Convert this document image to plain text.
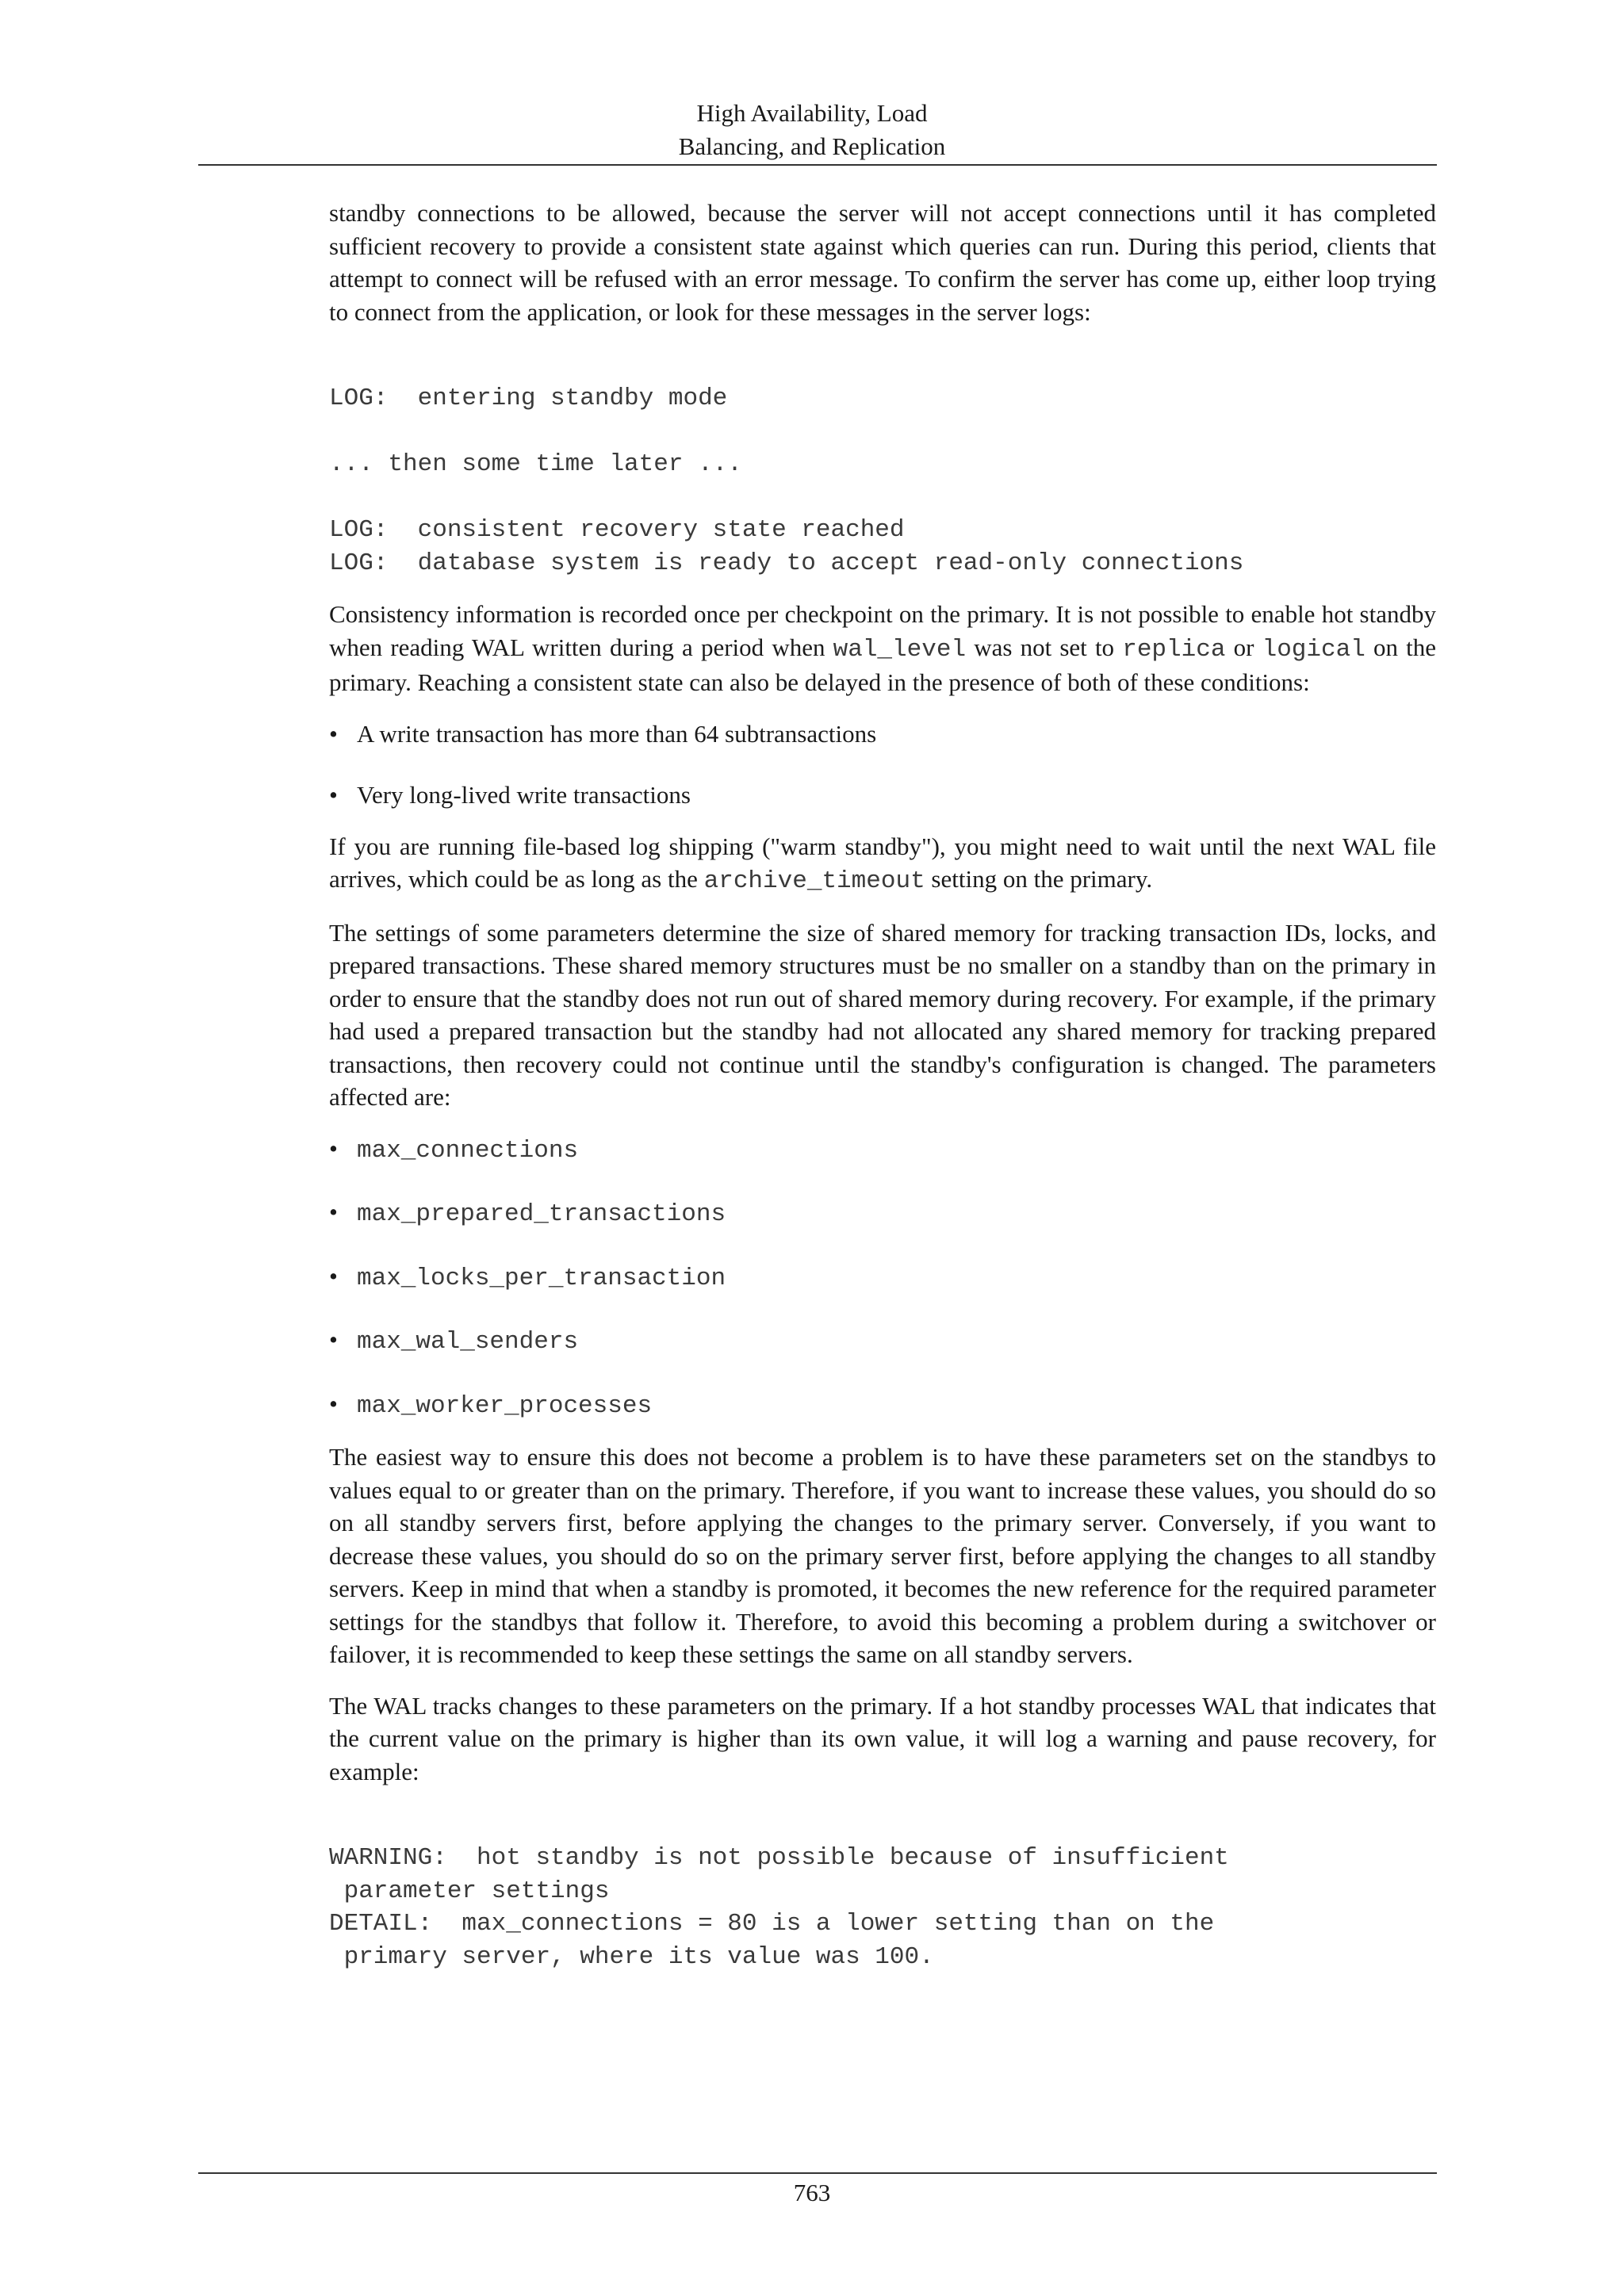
High Availability, Load
Balancing, and Replication

standby connections to be allowed, because the server will not accept connections until it has completed sufficient recovery to provide a consistent state against which queries can run. During this period, clients that attempt to connect will be refused with an error message. To confirm the server has come up, either loop trying to connect from the application, or look for these messages in the server logs:

LOG:  entering standby mode
... then some time later ...
LOG:  consistent recovery state reached
LOG:  database system is ready to accept read-only connections

Consistency information is recorded once per checkpoint on the primary. It is not possible to enable hot standby when reading WAL written during a period when wal_level was not set to replica or logical on the primary. Reaching a consistent state can also be delayed in the presence of both of these conditions:

• A write transaction has more than 64 subtransactions
• Very long-lived write transactions

If you are running file-based log shipping ("warm standby"), you might need to wait until the next WAL file arrives, which could be as long as the archive_timeout setting on the primary.

The settings of some parameters determine the size of shared memory for tracking transaction IDs, locks, and prepared transactions. These shared memory structures must be no smaller on a standby than on the primary in order to ensure that the standby does not run out of shared memory during recovery. For example, if the primary had used a prepared transaction but the standby had not allocated any shared memory for tracking prepared transactions, then recovery could not continue until the standby's configuration is changed. The parameters affected are:

• max_connections
• max_prepared_transactions
• max_locks_per_transaction
• max_wal_senders
• max_worker_processes

The easiest way to ensure this does not become a problem is to have these parameters set on the standbys to values equal to or greater than on the primary. Therefore, if you want to increase these values, you should do so on all standby servers first, before applying the changes to the primary server. Conversely, if you want to decrease these values, you should do so on the primary server first, before applying the changes to all standby servers. Keep in mind that when a standby is promoted, it becomes the new reference for the required parameter settings for the standbys that follow it. Therefore, to avoid this becoming a problem during a switchover or failover, it is recommended to keep these settings the same on all standby servers.

The WAL tracks changes to these parameters on the primary. If a hot standby processes WAL that indicates that the current value on the primary is higher than its own value, it will log a warning and pause recovery, for example:

WARNING:  hot standby is not possible because of insufficient
parameter settings
DETAIL:  max_connections = 80 is a lower setting than on the
primary server, where its value was 100.
763
